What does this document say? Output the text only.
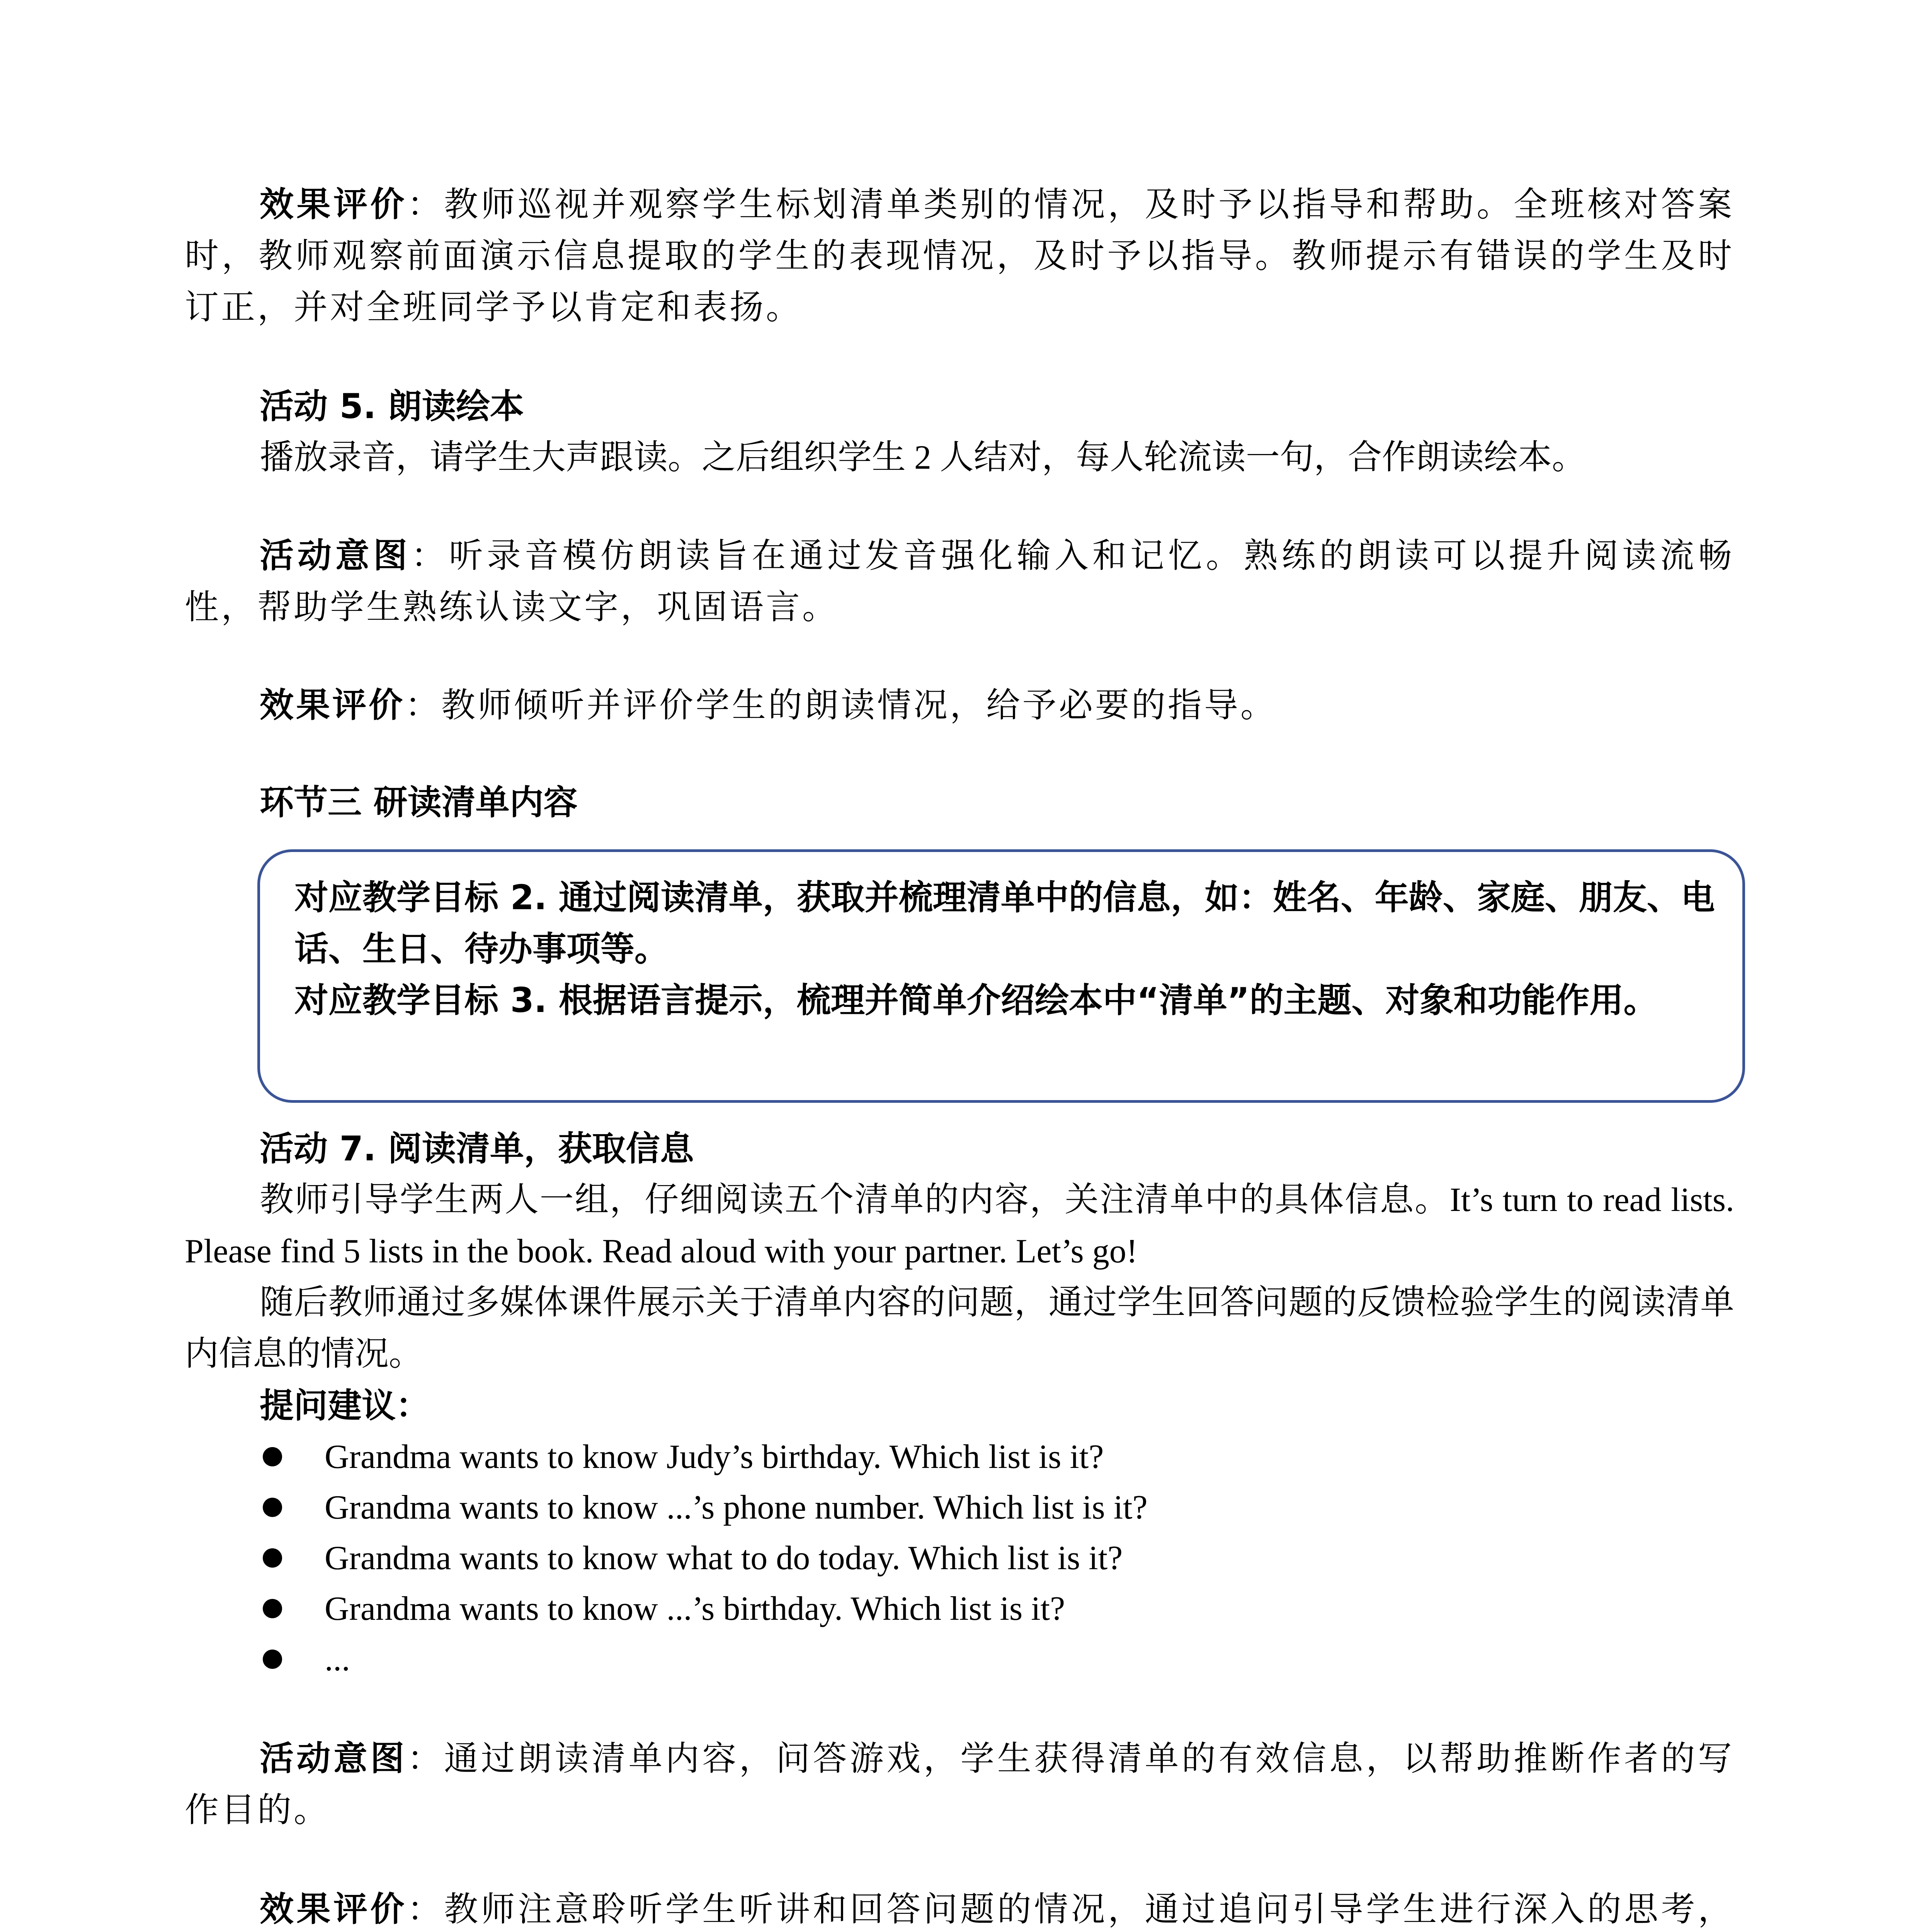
效果评价：教师巡视并观察学生标划清单类别的情况，及时予以指导和帮助。全班核对答案时，教师观察前面演示信息提取的学生的表现情况，及时予以指导。教师提示有错误的学生及时订正，并对全班同学予以肯定和表扬。

活动 5. 朗读绘本

播放录音，请学生大声跟读。之后组织学生 2 人结对，每人轮流读一句，合作朗读绘本。

活动意图：听录音模仿朗读旨在通过发音强化输入和记忆。熟练的朗读可以提升阅读流畅性，帮助学生熟练认读文字，巩固语言。

效果评价：教师倾听并评价学生的朗读情况，给予必要的指导。

环节三 研读清单内容

对应教学目标 2. 通过阅读清单，获取并梳理清单中的信息，如：姓名、年龄、家庭、朋友、电话、生日、待办事项等。

对应教学目标 3. 根据语言提示，梳理并简单介绍绘本中“清单”的主题、对象和功能作用。

活动 7. 阅读清单，获取信息

教师引导学生两人一组，仔细阅读五个清单的内容，关注清单中的具体信息。It’s turn to read lists. Please find 5 lists in the book. Read aloud with your partner. Let’s go!

随后教师通过多媒体课件展示关于清单内容的问题，通过学生回答问题的反馈检验学生的阅读清单内信息的情况。

提问建议：

Grandma wants to know Judy’s birthday. Which list is it?
Grandma wants to know ...’s phone number. Which list is it?
Grandma wants to know what to do today. Which list is it?
Grandma wants to know ...’s birthday. Which list is it?
...

活动意图：通过朗读清单内容，问答游戏，学生获得清单的有效信息，以帮助推断作者的写作目的。

效果评价：教师注意聆听学生听讲和回答问题的情况，通过追问引导学生进行深入的思考，
